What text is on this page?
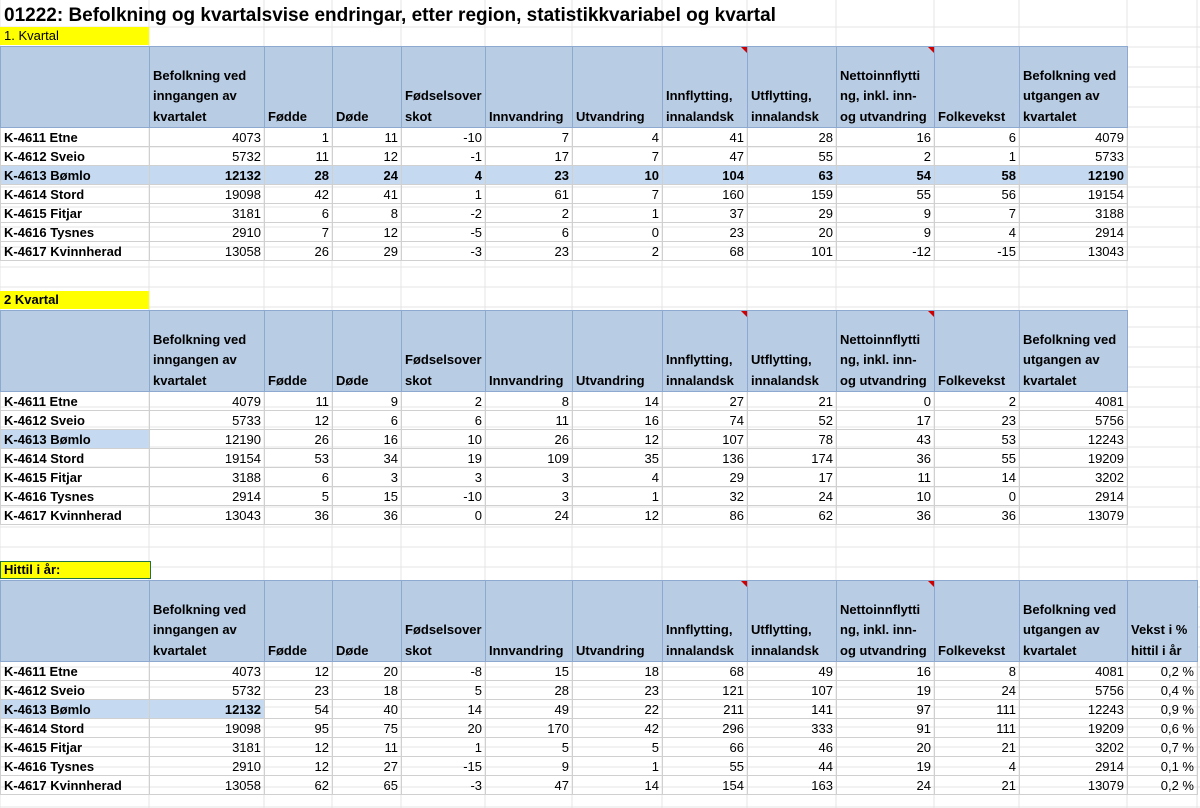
01222: Befolkning og kvartalsvise endringar, etter region, statistikkvariabel og kvartal
1. Kvartal
	Befolkning ved inngangen av kvartalet	Fødde	Døde	Fødselsover skot	Innvandring	Utvandring	Innflytting, innalandsk	Utflytting, innalandsk	Nettoinnflytti ng, inkl. inn- og utvandring	Folkevekst	Befolkning ved utgangen av kvartalet
K-4611 Etne	4073	1	11	-10	7	4	41	28	16	6	4079
K-4612 Sveio	5732	11	12	-1	17	7	47	55	2	1	5733
K-4613 Bømlo	12132	28	24	4	23	10	104	63	54	58	12190
K-4614 Stord	19098	42	41	1	61	7	160	159	55	56	19154
K-4615 Fitjar	3181	6	8	-2	2	1	37	29	9	7	3188
K-4616 Tysnes	2910	7	12	-5	6	0	23	20	9	4	2914
K-4617 Kvinnherad	13058	26	29	-3	23	2	68	101	-12	-15	13043
2 Kvartal
	Befolkning ved inngangen av kvartalet	Fødde	Døde	Fødselsover skot	Innvandring	Utvandring	Innflytting, innalandsk	Utflytting, innalandsk	Nettoinnflytti ng, inkl. inn- og utvandring	Folkevekst	Befolkning ved utgangen av kvartalet
K-4611 Etne	4079	11	9	2	8	14	27	21	0	2	4081
K-4612 Sveio	5733	12	6	6	11	16	74	52	17	23	5756
K-4613 Bømlo	12190	26	16	10	26	12	107	78	43	53	12243
K-4614 Stord	19154	53	34	19	109	35	136	174	36	55	19209
K-4615 Fitjar	3188	6	3	3	3	4	29	17	11	14	3202
K-4616 Tysnes	2914	5	15	-10	3	1	32	24	10	0	2914
K-4617 Kvinnherad	13043	36	36	0	24	12	86	62	36	36	13079
Hittil i år:
	Befolkning ved inngangen av kvartalet	Fødde	Døde	Fødselsover skot	Innvandring	Utvandring	Innflytting, innalandsk	Utflytting, innalandsk	Nettoinnflytti ng, inkl. inn- og utvandring	Folkevekst	Befolkning ved utgangen av kvartalet	Vekst i % hittil i år
K-4611 Etne	4073	12	20	-8	15	18	68	49	16	8	4081	0,2 %
K-4612 Sveio	5732	23	18	5	28	23	121	107	19	24	5756	0,4 %
K-4613 Bømlo	12132	54	40	14	49	22	211	141	97	111	12243	0,9 %
K-4614 Stord	19098	95	75	20	170	42	296	333	91	111	19209	0,6 %
K-4615 Fitjar	3181	12	11	1	5	5	66	46	20	21	3202	0,7 %
K-4616 Tysnes	2910	12	27	-15	9	1	55	44	19	4	2914	0,1 %
K-4617 Kvinnherad	13058	62	65	-3	47	14	154	163	24	21	13079	0,2 %
